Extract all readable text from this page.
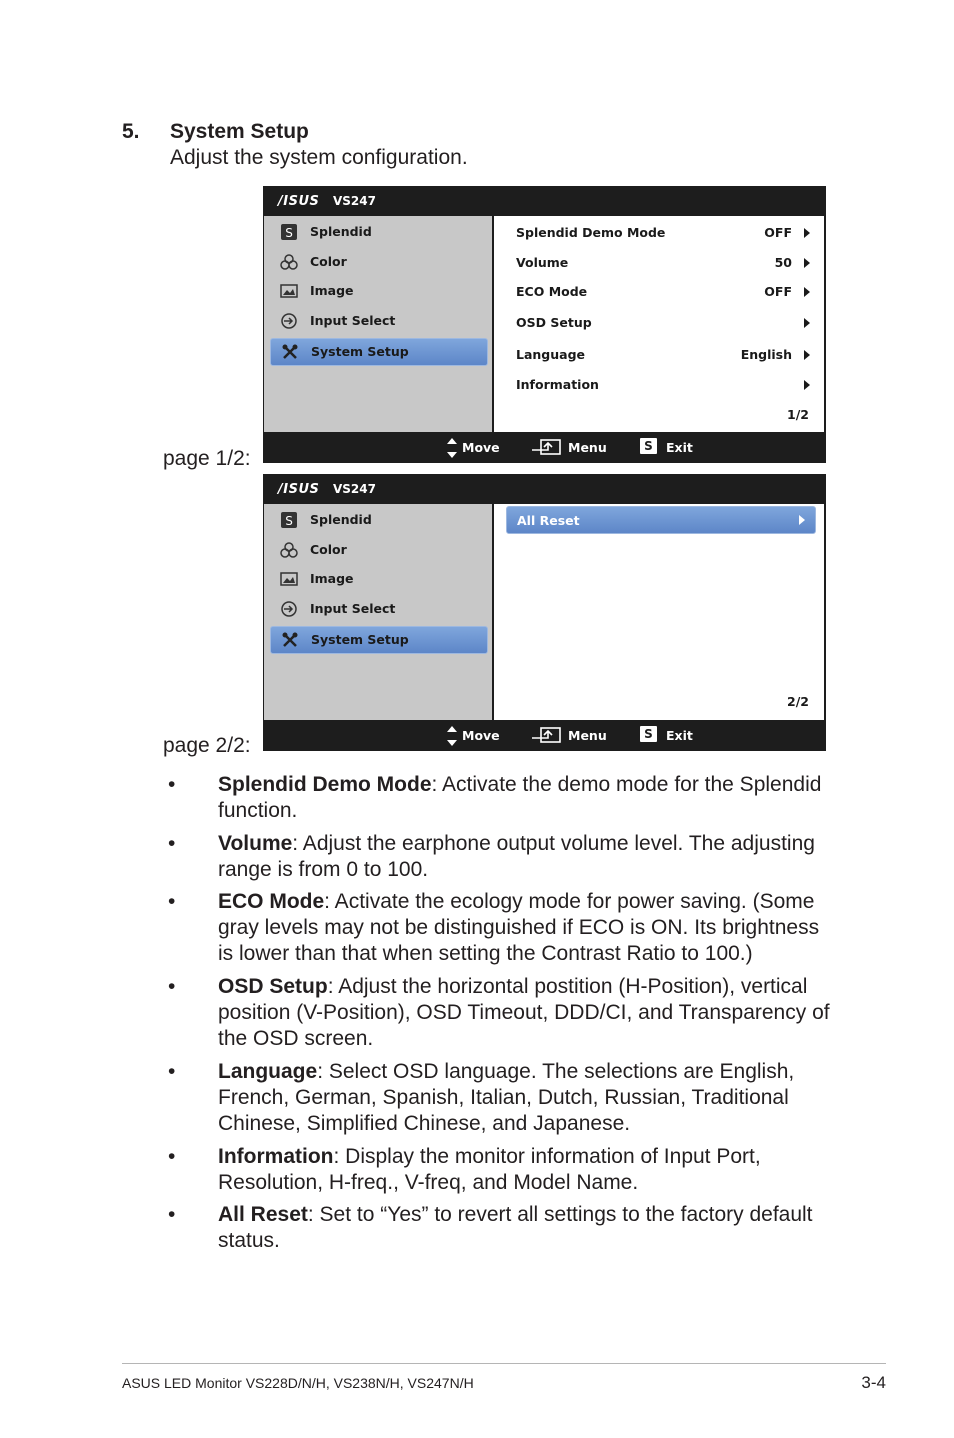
5. System Setup
Adjust the system configuration.
page 1/2:
/ISUS VS247
S Splendid
Color
Image
Input Select
System Setup
Splendid Demo Mode	OFF
Volume	50
ECO Mode	OFF
OSD Setup
Language	English
Information
1/2
Move	Menu	S	Exit
page 2/2:
/ISUS VS247
S Splendid
Color
Image
Input Select
System Setup
All Reset
2/2
Move	Menu	S	Exit
• Splendid Demo Mode: Activate the demo mode for the Splendid function.
• Volume: Adjust the earphone output volume level. The adjusting range is from 0 to 100.
• ECO Mode: Activate the ecology mode for power saving. (Some gray levels may not be distinguished if ECO is ON. Its brightness is lower than that when setting the Contrast Ratio to 100.)
• OSD Setup: Adjust the horizontal postition (H-Position), vertical position (V-Position), OSD Timeout, DDD/CI, and Transparency of the OSD screen.
• Language: Select OSD language. The selections are English, French, German, Spanish, Italian, Dutch, Russian, Traditional Chinese, Simplified Chinese, and Japanese.
• Information: Display the monitor information of Input Port, Resolution, H-freq., V-freq, and Model Name.
• All Reset: Set to “Yes” to revert all settings to the factory default status.
ASUS LED Monitor VS228D/N/H, VS238N/H, VS247N/H	3-4
